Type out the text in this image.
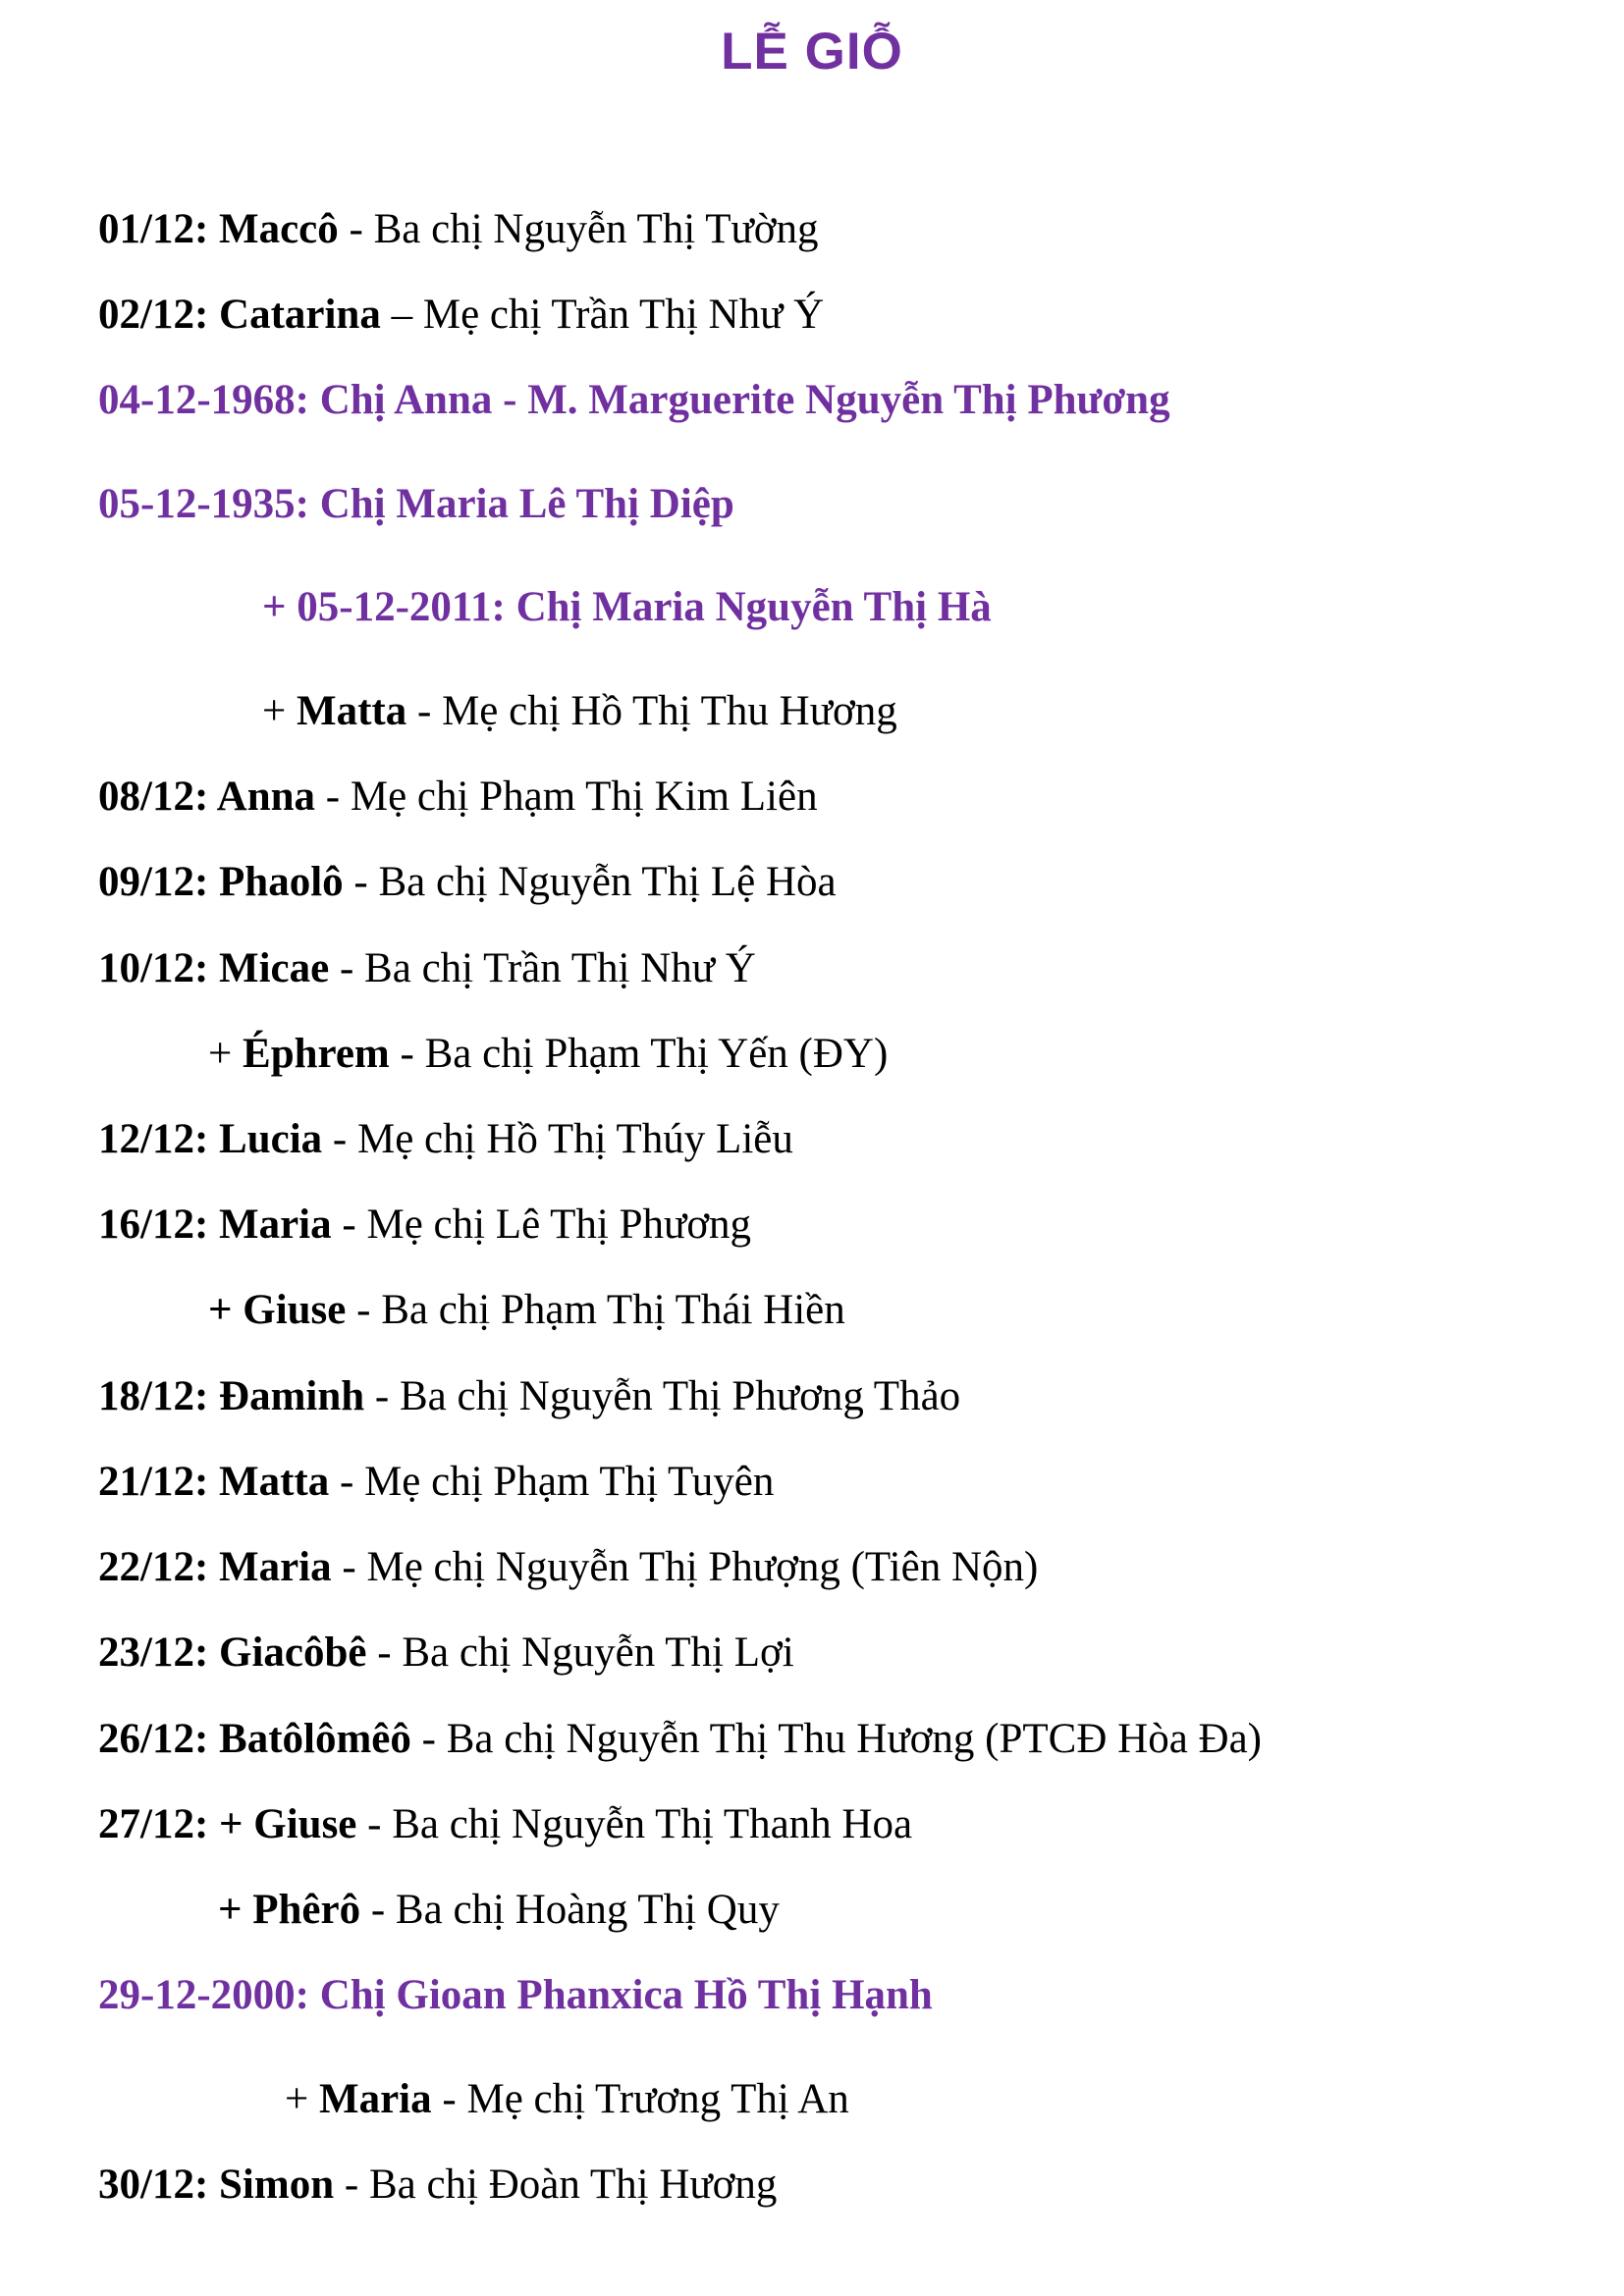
LỄ GIỖ
01/12: Maccô - Ba chị Nguyễn Thị Tường
02/12: Catarina – Mẹ chị Trần Thị Như Ý
04-12-1968: Chị Anna - M. Marguerite Nguyễn Thị Phương
05-12-1935: Chị Maria Lê Thị Diệp
+ 05-12-2011: Chị Maria Nguyễn Thị Hà
+ Matta - Mẹ chị Hồ Thị Thu Hương
08/12: Anna - Mẹ chị Phạm Thị Kim Liên
09/12: Phaolô - Ba chị Nguyễn Thị Lệ Hòa
10/12: Micae - Ba chị Trần Thị Như Ý
+ Éphrem - Ba chị Phạm Thị Yến (ĐY)
12/12: Lucia - Mẹ chị Hồ Thị Thúy Liễu
16/12: Maria - Mẹ chị Lê Thị Phương
+ Giuse - Ba chị Phạm Thị Thái Hiền
18/12: Đaminh - Ba chị Nguyễn Thị Phương Thảo
21/12: Matta - Mẹ chị Phạm Thị Tuyên
22/12: Maria - Mẹ chị Nguyễn Thị Phượng (Tiên Nộn)
23/12: Giacôbê - Ba chị Nguyễn Thị Lợi
26/12: Batôlômêô - Ba chị Nguyễn Thị Thu Hương (PTCĐ Hòa Đa)
27/12: + Giuse - Ba chị Nguyễn Thị Thanh Hoa
+ Phêrô - Ba chị Hoàng Thị Quy
29-12-2000: Chị Gioan Phanxica Hồ Thị Hạnh
+ Maria - Mẹ chị Trương Thị An
30/12: Simon - Ba chị Đoàn Thị Hương
